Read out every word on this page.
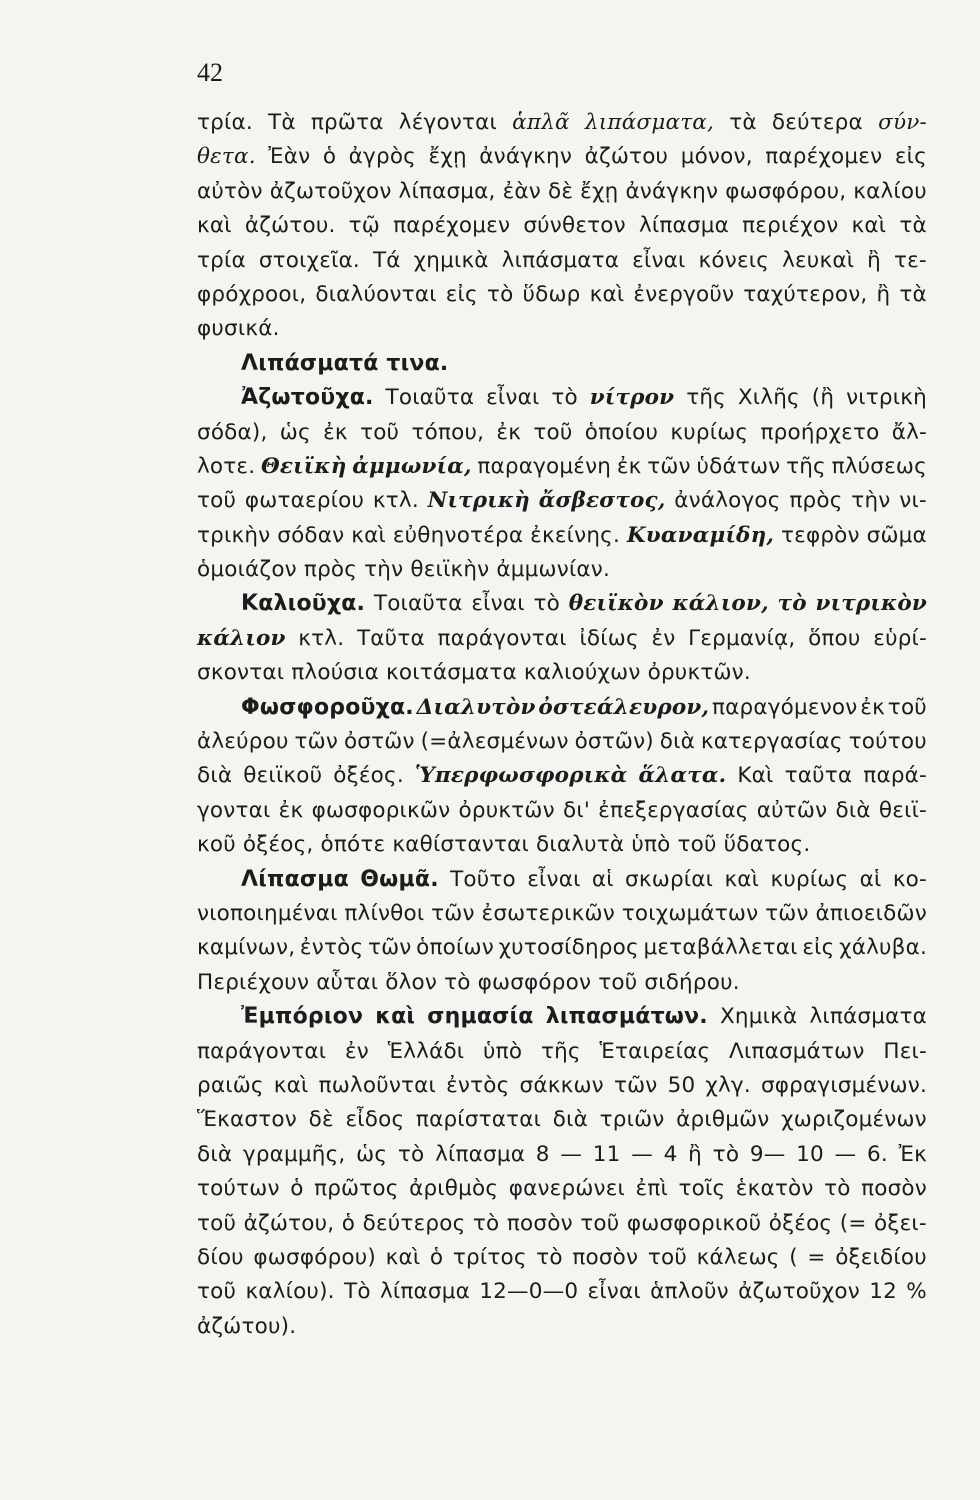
42
τρία. Τὰ πρῶτα λέγονται ἁπλᾶ λιπάσματα, τὰ δεύτερα σύν-
θετα. Ἐὰν ὁ ἀγρὸς ἔχῃ ἀνάγκην ἀζώτου μόνον, παρέχομεν εἰς
αὐτὸν ἀζωτοῦχον λίπασμα, ἐὰν δὲ ἔχῃ ἀνάγκην φωσφόρου, καλίου
καὶ ἀζώτου. τῷ παρέχομεν σύνθετον λίπασμα περιέχον καὶ τὰ
τρία στοιχεῖα. Τά χημικὰ λιπάσματα εἶναι κόνεις λευκαὶ ἢ τε-
φρόχροοι, διαλύονται εἰς τὸ ὕδωρ καὶ ἐνεργοῦν ταχύτερον, ἢ τὰ
φυσικά.
Λιπάσματά τινα.
Ἀζωτοῦχα. Τοιαῦτα εἶναι τὸ νίτρον τῆς Χιλῆς (ἢ νιτρικὴ
σόδα), ὡς ἐκ τοῦ τόπου, ἐκ τοῦ ὁποίου κυρίως προήρχετο ἄλ-
λοτε. Θειϊκὴ ἀμμωνία, παραγομένη ἐκ τῶν ὑδάτων τῆς πλύσεως
τοῦ φωταερίου κτλ. Νιτρικὴ ἄσβεστος, ἀνάλογος πρὸς τὴν νι-
τρικὴν σόδαν καὶ εὐθηνοτέρα ἐκείνης. Κυαναμίδη, τεφρὸν σῶμα
ὁμοιάζον πρὸς τὴν θειϊκὴν ἀμμωνίαν.
Καλιοῦχα. Τοιαῦτα εἶναι τὸ θειϊκὸν κάλιον, τὸ νιτρικὸν
κάλιον κτλ. Ταῦτα παράγονται ἰδίως ἐν Γερμανίᾳ, ὅπου εὑρί-
σκονται πλούσια κοιτάσματα καλιούχων ὀρυκτῶν.
Φωσφοροῦχα. Διαλυτὸν ὀστεάλευρον, παραγόμενον ἐκ τοῦ
ἀλεύρου τῶν ὀστῶν (=ἀλεσμένων ὀστῶν) διὰ κατεργασίας τούτου
διὰ θειϊκοῦ ὀξέος. Ὑπερφωσφορικὰ ἅλατα. Καὶ ταῦτα παρά-
γονται ἐκ φωσφορικῶν ὀρυκτῶν δι' ἐπεξεργασίας αὐτῶν διὰ θειϊ-
κοῦ ὀξέος, ὁπότε καθίστανται διαλυτὰ ὑπὸ τοῦ ὕδατος.
Λίπασμα Θωμᾶ. Τοῦτο εἶναι αἱ σκωρίαι καὶ κυρίως αἱ κο-
νιοποιημέναι πλίνθοι τῶν ἐσωτερικῶν τοιχωμάτων τῶν ἀπιοειδῶν
καμίνων, ἐντὸς τῶν ὁποίων χυτοσίδηρος μεταβάλλεται εἰς χάλυβα.
Περιέχουν αὗται ὅλον τὸ φωσφόρον τοῦ σιδήρου.
Ἐμπόριον καὶ σημασία λιπασμάτων. Χημικὰ λιπάσματα
παράγονται ἐν Ἑλλάδι ὑπὸ τῆς Ἑταιρείας Λιπασμάτων Πει-
ραιῶς καὶ πωλοῦνται ἐντὸς σάκκων τῶν 50 χλγ. σφραγισμένων.
Ἕκαστον δὲ εἶδος παρίσταται διὰ τριῶν ἀριθμῶν χωριζομένων
διὰ γραμμῆς, ὡς τὸ λίπασμα 8 — 11 — 4 ἢ τὸ 9— 10 — 6. Ἐκ
τούτων ὁ πρῶτος ἀριθμὸς φανερώνει ἐπὶ τοῖς ἑκατὸν τὸ ποσὸν
τοῦ ἀζώτου, ὁ δεύτερος τὸ ποσὸν τοῦ φωσφορικοῦ ὀξέος (= ὀξει-
δίου φωσφόρου) καὶ ὁ τρίτος τὸ ποσὸν τοῦ κάλεως ( = ὀξειδίου
τοῦ καλίου). Τὸ λίπασμα 12—0—0 εἶναι ἁπλοῦν ἀζωτοῦχον 12 %
ἀζώτου).
